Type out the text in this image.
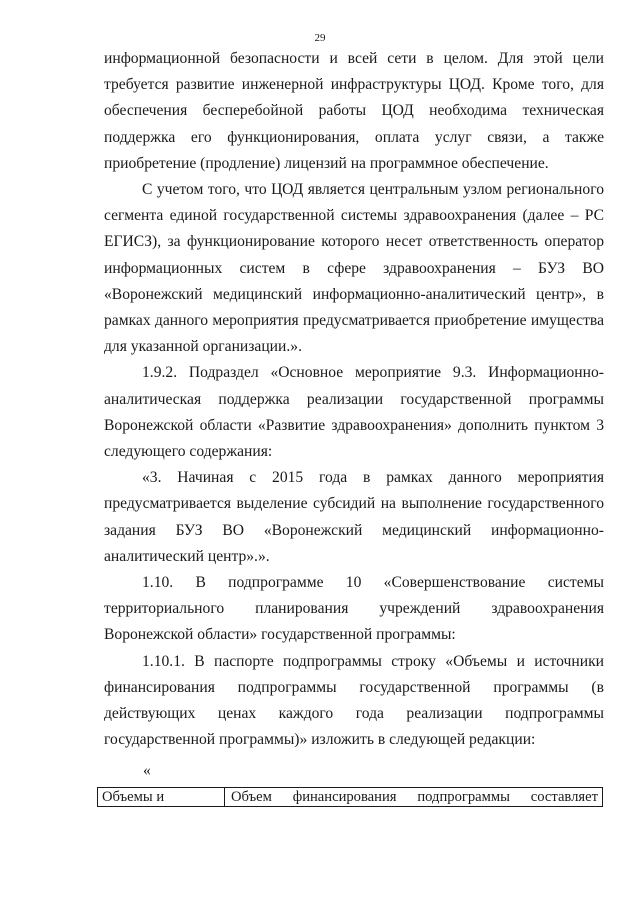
29

информационной безопасности и всей сети в целом. Для этой цели требуется развитие инженерной инфраструктуры ЦОД. Кроме того, для обеспечения бесперебойной работы ЦОД необходима техническая поддержка его функционирования, оплата услуг связи, а также приобретение (продление) лицензий на программное обеспечение.

С учетом того, что ЦОД является центральным узлом регионального сегмента единой государственной системы здравоохранения (далее – РС ЕГИСЗ), за функционирование которого несет ответственность оператор информационных систем в сфере здравоохранения – БУЗ ВО «Воронежский медицинский информационно-аналитический центр», в рамках данного мероприятия предусматривается приобретение имущества для указанной организации.».

1.9.2. Подраздел «Основное мероприятие 9.3. Информационно-аналитическая поддержка реализации государственной программы Воронежской области «Развитие здравоохранения» дополнить пунктом 3 следующего содержания:

«3. Начиная с 2015 года в рамках данного мероприятия предусматривается выделение субсидий на выполнение государственного задания БУЗ ВО «Воронежский медицинский информационно-аналитический центр».».

1.10. В подпрограмме 10 «Совершенствование системы территориального планирования учреждений здравоохранения Воронежской области» государственной программы:

1.10.1. В паспорте подпрограммы строку «Объемы и источники финансирования подпрограммы государственной программы (в действующих ценах каждого года реализации подпрограммы государственной программы)» изложить в следующей редакции:

«
Объемы и	Объем финансирования подпрограммы составляет
